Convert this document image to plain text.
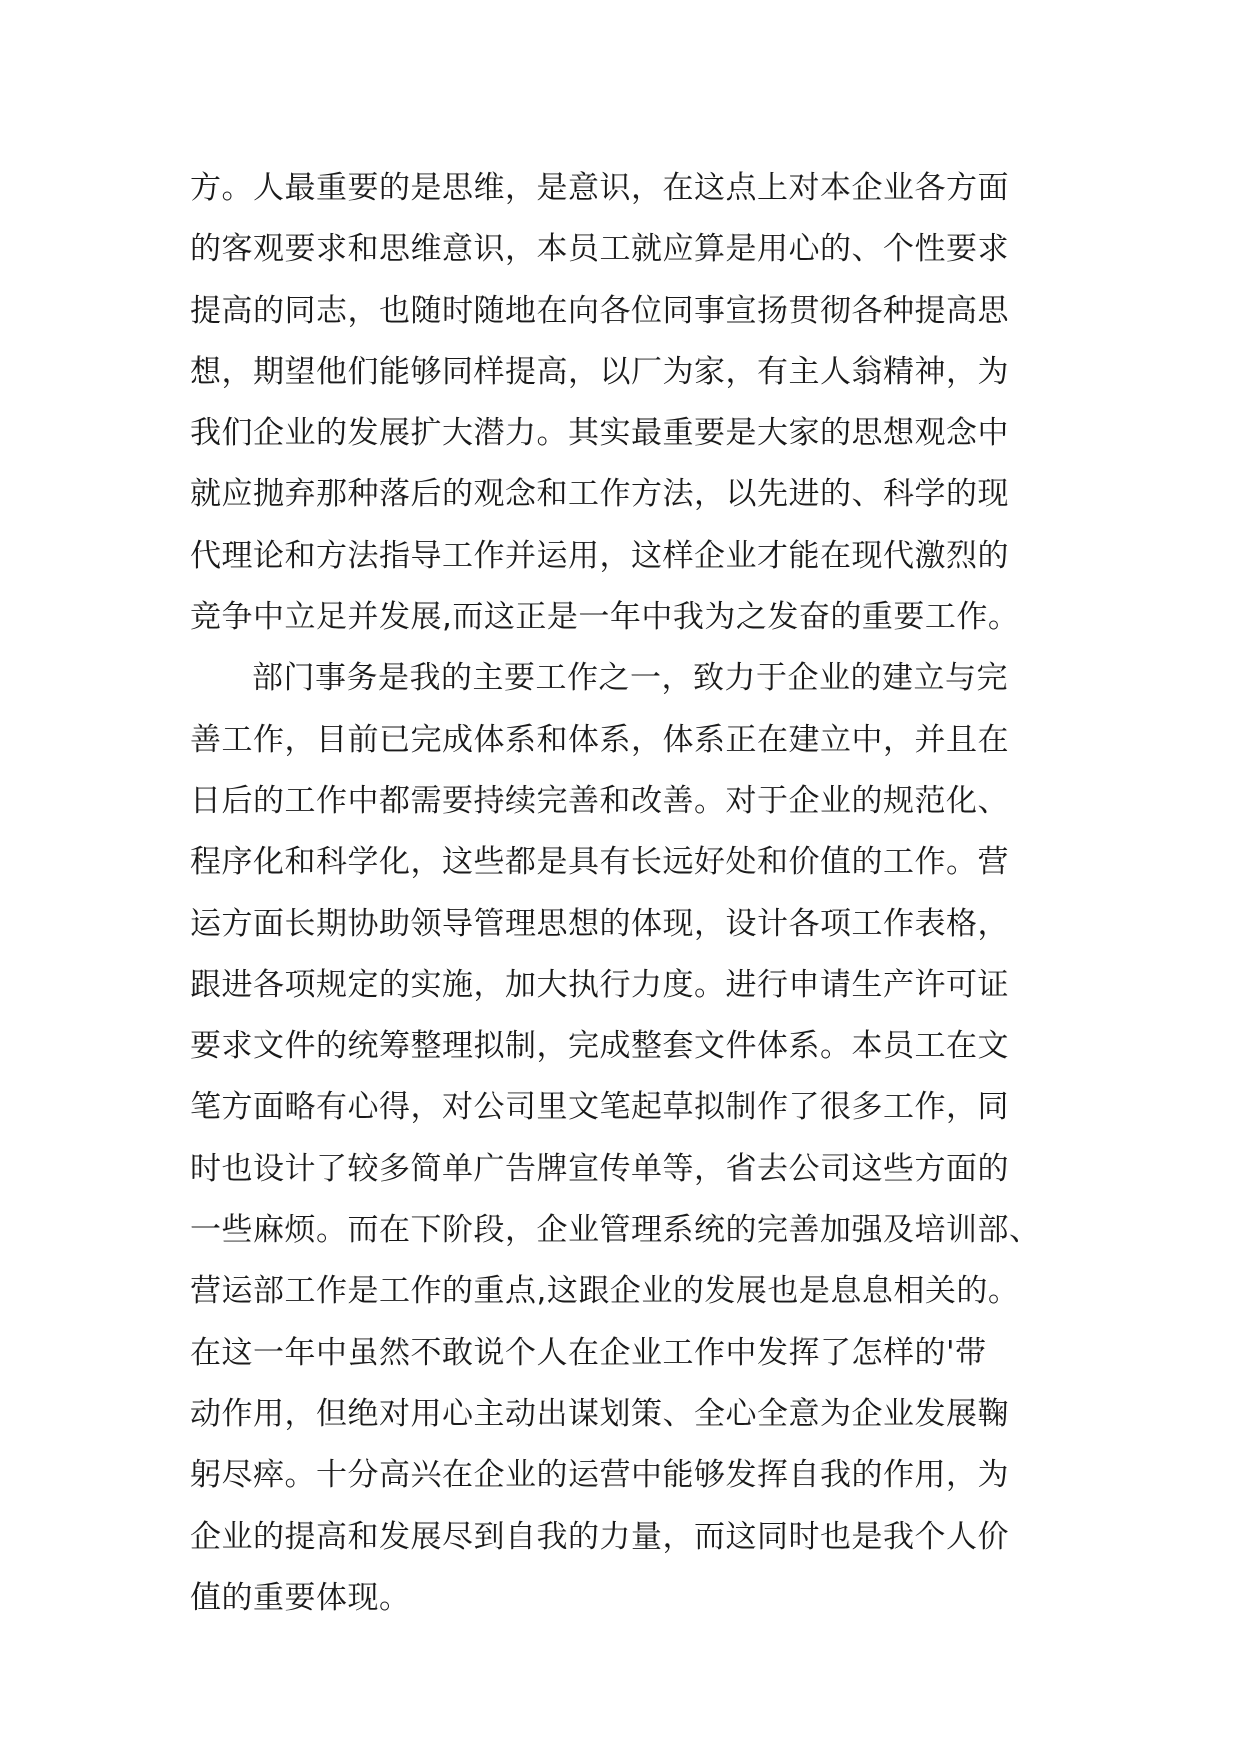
方。人最重要的是思维，是意识，在这点上对本企业各方面
的客观要求和思维意识，本员工就应算是用心的、个性要求
提高的同志，也随时随地在向各位同事宣扬贯彻各种提高思
想，期望他们能够同样提高，以厂为家，有主人翁精神，为
我们企业的发展扩大潜力。其实最重要是大家的思想观念中
就应抛弃那种落后的观念和工作方法，以先进的、科学的现
代理论和方法指导工作并运用，这样企业才能在现代激烈的
竞争中立足并发展,而这正是一年中我为之发奋的重要工作。
部门事务是我的主要工作之一，致力于企业的建立与完
善工作，目前已完成体系和体系，体系正在建立中，并且在
日后的工作中都需要持续完善和改善。对于企业的规范化、
程序化和科学化，这些都是具有长远好处和价值的工作。营
运方面长期协助领导管理思想的体现，设计各项工作表格，
跟进各项规定的实施，加大执行力度。进行申请生产许可证
要求文件的统筹整理拟制，完成整套文件体系。本员工在文
笔方面略有心得，对公司里文笔起草拟制作了很多工作，同
时也设计了较多简单广告牌宣传单等，省去公司这些方面的
一些麻烦。而在下阶段，企业管理系统的完善加强及培训部、
营运部工作是工作的重点,这跟企业的发展也是息息相关的。
在这一年中虽然不敢说个人在企业工作中发挥了怎样的'带
动作用，但绝对用心主动出谋划策、全心全意为企业发展鞠
躬尽瘁。十分高兴在企业的运营中能够发挥自我的作用，为
企业的提高和发展尽到自我的力量，而这同时也是我个人价
值的重要体现。
